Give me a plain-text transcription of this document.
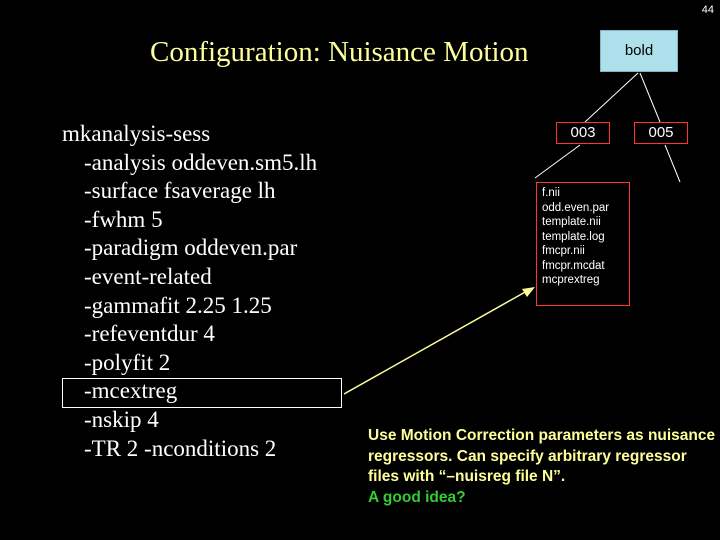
44
Configuration: Nuisance Motion
mkanalysis-sess
-analysis oddeven.sm5.lh
-surface fsaverage lh
-fwhm 5
-paradigm oddeven.par
-event-related
-gammafit 2.25 1.25
-refeventdur 4
-polyfit 2
-mcextreg
-nskip 4
-TR 2 -nconditions 2
bold
003	005
f.nii
odd.even.par
template.nii
template.log
fmcpr.nii
fmcpr.mcdat
mcprextreg
Use Motion Correction parameters as nuisance regressors. Can specify arbitrary regressor files with “–nuisreg file N”.
A good idea?
